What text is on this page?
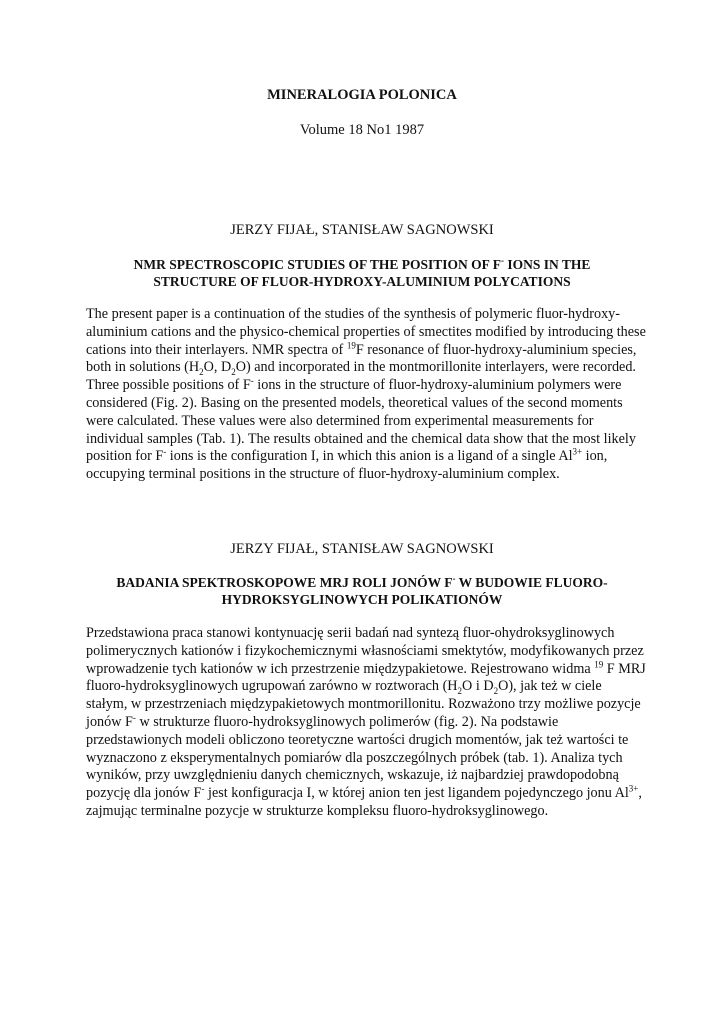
MINERALOGIA POLONICA
Volume 18 No1 1987
JERZY FIJAŁ, STANISŁAW SAGNOWSKI
NMR SPECTROSCOPIC STUDIES OF THE POSITION OF F- IONS IN THE
STRUCTURE OF FLUOR-HYDROXY-ALUMINIUM POLYCATIONS
The present paper is a continuation of the studies of the synthesis of polymeric fluor-hydroxy-aluminium cations and the physico-chemical properties of smectites modified by introducing these cations into their interlayers. NMR spectra of $^{19}$F resonance of fluor-hydroxy-aluminium species, both in solutions ($H_2O$, $D_2O$) and incorporated in the montmorillonite interlayers, were recorded. Three possible positions of F- ions in the structure of fluor-hydroxy-aluminium polymers were considered (Fig. 2). Basing on the presented models, theoretical values of the second moments were calculated. These values were also determined from experimental measurements for individual samples (Tab. 1). The results obtained and the chemical data show that the most likely position for F- ions is the configuration I, in which this anion is a ligand of a single $Al^{3+}$ ion, occupying terminal positions in the structure of fluor-hydroxy-aluminium complex.
JERZY FIJAŁ, STANISŁAW SAGNOWSKI
BADANIA SPEKTROSKOPOWE MRJ ROLI JONÓW F- W BUDOWIE FLUORO-
HYDROKSYGLINOWYCH POLIKATIONÓW
Przedstawiona praca stanowi kontynuację serii badań nad syntezą fluor-ohydroksyglinowych polimerycznych kationów i fizykochemicznymi własnościami smektytów, modyfikowanych przez wprowadzenie tych kationów w ich przestrzenie międzypakietowe. Rejestrowano widma $^{19}$ F MRJ fluoro-hydroksyglinowych ugrupowań zarówno w roztworach ($H_2O$ i $D_2O$), jak też w ciele stałym, w przestrzeniach międzypakietowych montmorillonitu. Rozważono trzy możliwe pozycje jonów F- w strukturze fluoro-hydroksyglinowych polimerów (fig. 2). Na podstawie przedstawionych modeli obliczono teoretyczne wartości drugich momentów, jak też wartości te wyznaczono z eksperymentalnych pomiarów dla poszczególnych próbek (tab. 1). Analiza tych wyników, przy uwzględnieniu danych chemicznych, wskazuje, iż najbardziej prawdopodobną pozycję dla jonów F- jest konfiguracja I, w której anion ten jest ligandem pojedynczego jonu $Al^{3+}$, zajmując terminalne pozycje w strukturze kompleksu fluoro-hydroksyglinowego.
